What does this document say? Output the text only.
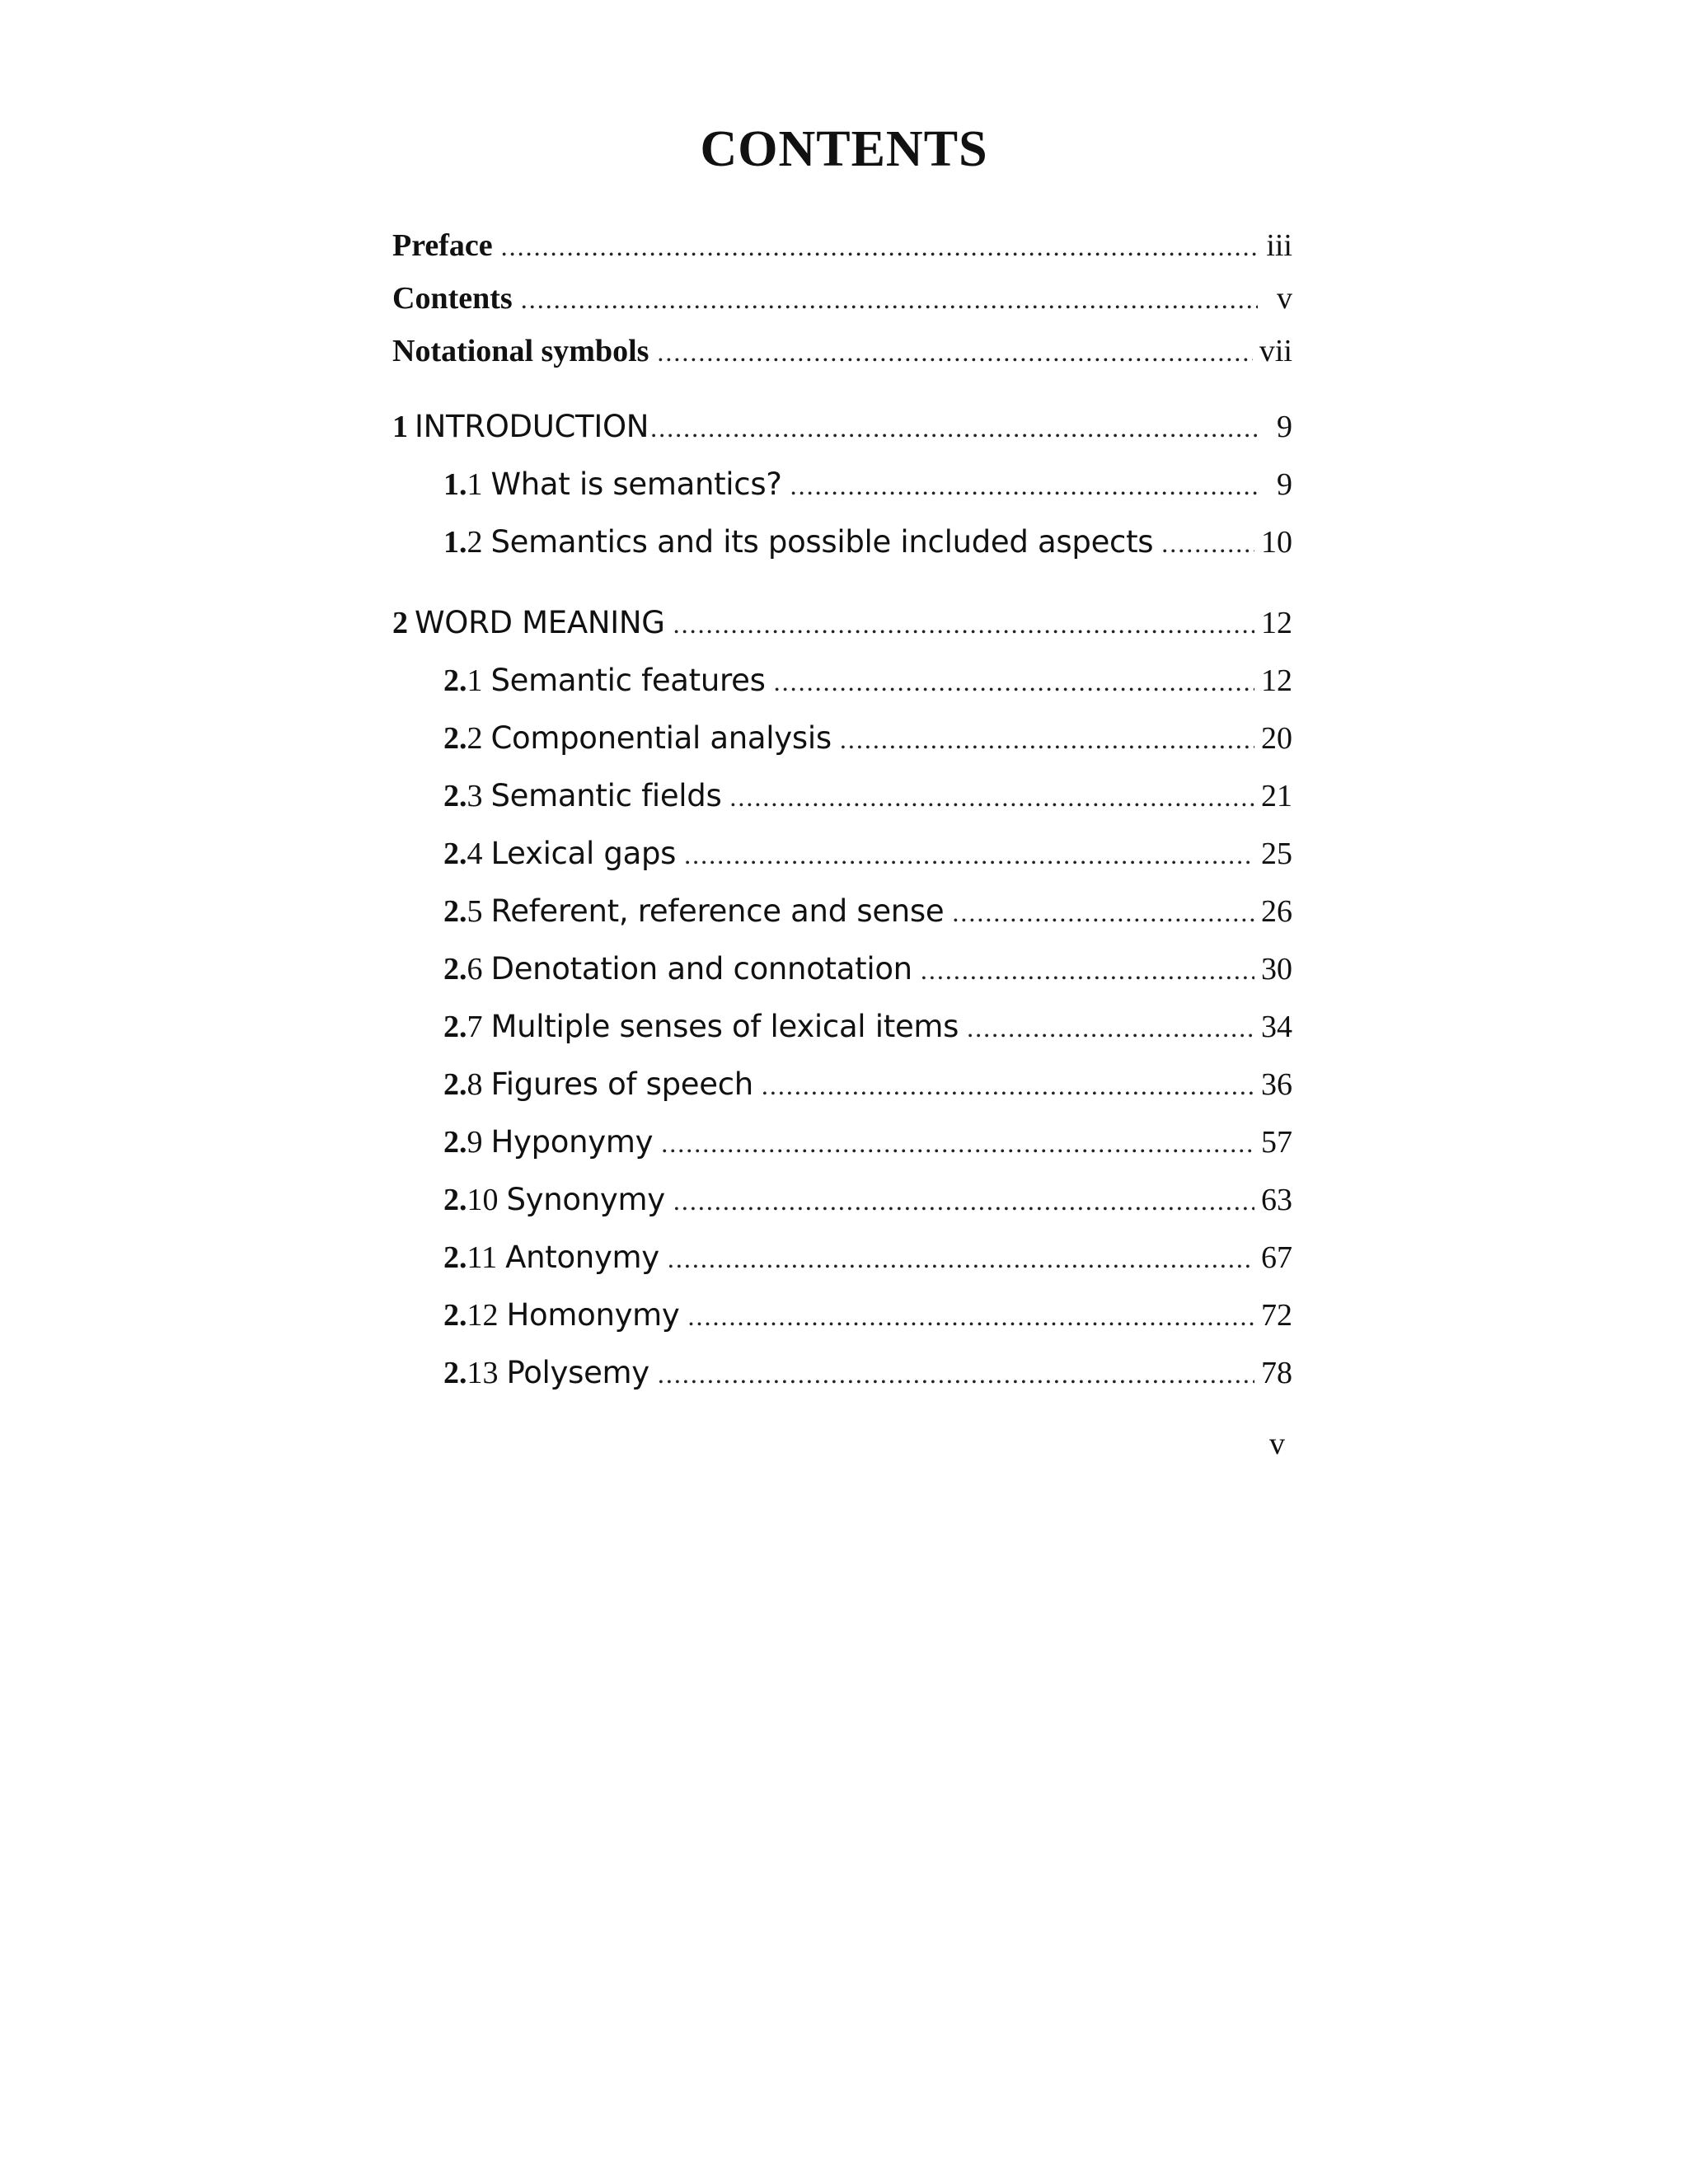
CONTENTS
Preface .....	iii
Contents .....	v
Notational symbols .....	vii
1 INTRODUCTION .....	9
1.1 What is semantics? .....	9
1.2 Semantics and its possible included aspects .....	10
2 WORD MEANING .....	12
2.1 Semantic features .....	12
2.2 Componential analysis .....	20
2.3 Semantic fields .....	21
2.4 Lexical gaps .....	25
2.5 Referent, reference and sense .....	26
2.6 Denotation and connotation .....	30
2.7 Multiple senses of lexical items .....	34
2.8 Figures of speech .....	36
2.9 Hyponymy .....	57
2.10 Synonymy .....	63
2.11 Antonymy .....	67
2.12 Homonymy .....	72
2.13 Polysemy .....	78
v
